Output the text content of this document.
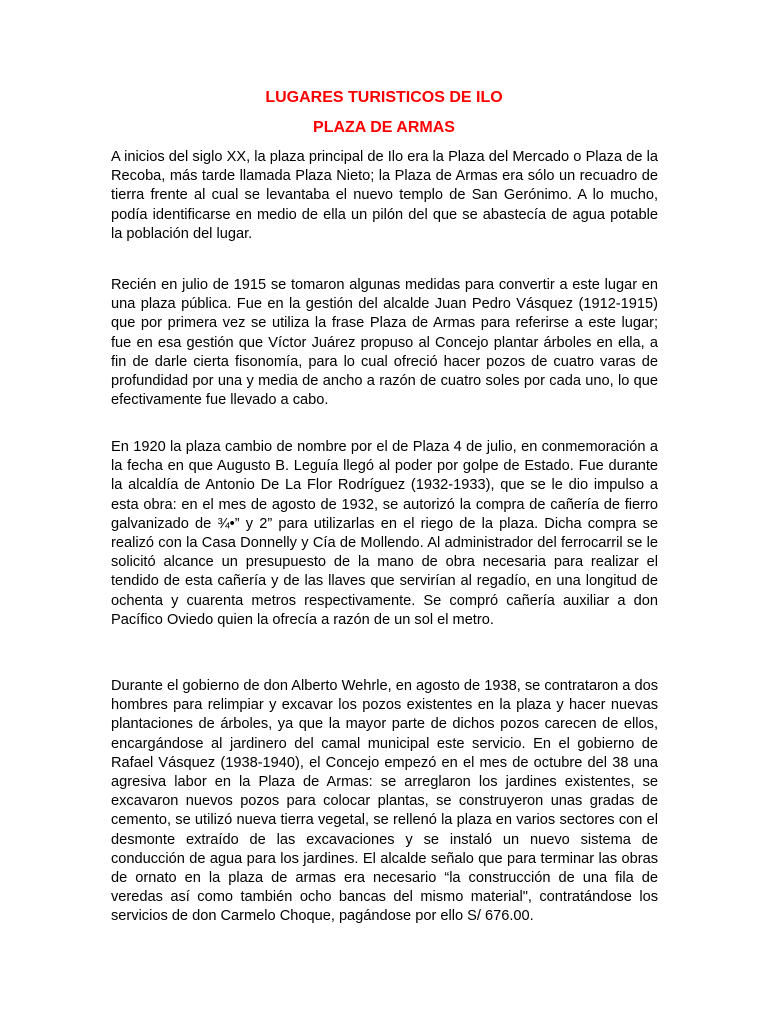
LUGARES TURISTICOS DE ILO
PLAZA DE ARMAS

A inicios del siglo XX, la plaza principal de Ilo era la Plaza del Mercado o Plaza de la Recoba, más tarde llamada Plaza Nieto; la Plaza de Armas era sólo un recuadro de tierra frente al cual se levantaba el nuevo templo de San Gerónimo. A lo mucho, podía identificarse en medio de ella un pilón del que se abastecía de agua potable la población del lugar.

Recién en julio de 1915 se tomaron algunas medidas para convertir a este lugar en una plaza pública. Fue en la gestión del alcalde Juan Pedro Vásquez (1912-1915) que por primera vez se utiliza la frase Plaza de Armas para referirse a este lugar; fue en esa gestión que Víctor Juárez propuso al Concejo plantar árboles en ella, a fin de darle cierta fisonomía, para lo cual ofreció hacer pozos de cuatro varas de profundidad por una y media de ancho a razón de cuatro soles por cada uno, lo que efectivamente fue llevado a cabo.

En 1920 la plaza cambio de nombre por el de Plaza 4 de julio, en conmemoración a la fecha en que Augusto B. Leguía llegó al poder por golpe de Estado. Fue durante la alcaldía de Antonio De La Flor Rodríguez (1932-1933), que se le dio impulso a esta obra: en el mes de agosto de 1932, se autorizó la compra de cañería de fierro galvanizado de ¾•” y 2” para utilizarlas en el riego de la plaza. Dicha compra se realizó con la Casa Donnelly y Cía de Mollendo. Al administrador del ferrocarril se le solicitó alcance un presupuesto de la mano de obra necesaria para realizar el tendido de esta cañería y de las llaves que servirían al regadío, en una longitud de ochenta y cuarenta metros respectivamente. Se compró cañería auxiliar a don Pacífico Oviedo quien la ofrecía a razón de un sol el metro.

Durante el gobierno de don Alberto Wehrle, en agosto de 1938, se contrataron a dos hombres para relimpiar y excavar los pozos existentes en la plaza y hacer nuevas plantaciones de árboles, ya que la mayor parte de dichos pozos carecen de ellos, encargándose al jardinero del camal municipal este servicio. En el gobierno de Rafael Vásquez (1938-1940), el Concejo empezó en el mes de octubre del 38 una agresiva labor en la Plaza de Armas: se arreglaron los jardines existentes, se excavaron nuevos pozos para colocar plantas, se construyeron unas gradas de cemento, se utilizó nueva tierra vegetal, se rellenó la plaza en varios sectores con el desmonte extraído de las excavaciones y se instaló un nuevo sistema de conducción de agua para los jardines. El alcalde señalo que para terminar las obras de ornato en la plaza de armas era necesario “la construcción de una fila de veredas así como también ocho bancas del mismo material", contratándose los servicios de don Carmelo Choque, pagándose por ello S/ 676.00.
